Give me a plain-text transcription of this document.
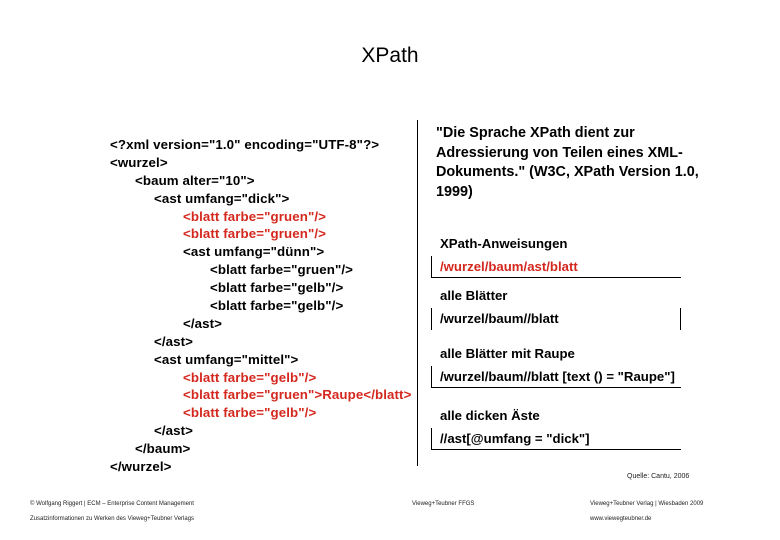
XPath
<?xml version="1.0" encoding="UTF-8"?>
<wurzel>
<baum alter="10">
<ast umfang="dick">
<blatt farbe="gruen"/>
<blatt farbe="gruen"/>
<ast umfang="dünn">
<blatt farbe="gruen"/>
<blatt farbe="gelb"/>
<blatt farbe="gelb"/>
</ast>
</ast>
<ast umfang="mittel">
<blatt farbe="gelb"/>
<blatt farbe="gruen">Raupe</blatt>
<blatt farbe="gelb"/>
</ast>
</baum>
</wurzel>

"Die Sprache XPath dient zur Adressierung von Teilen eines XML-Dokuments." (W3C, XPath Version 1.0, 1999)

XPath-Anweisungen
/wurzel/baum/ast/blatt
alle Blätter
/wurzel/baum//blatt
alle Blätter mit Raupe
/wurzel/baum//blatt [text () = "Raupe"]
alle dicken Äste
//ast[@umfang = "dick"]
Quelle: Cantu, 2006
© Wolfgang Riggert | ECM – Enterprise Content Management
Zusatzinformationen zu Werken des Vieweg+Teubner Verlags
Vieweg+Teubner FFGS	Vieweg+Teubner Verlag | Wiesbaden 2009
www.viewegteubner.de
